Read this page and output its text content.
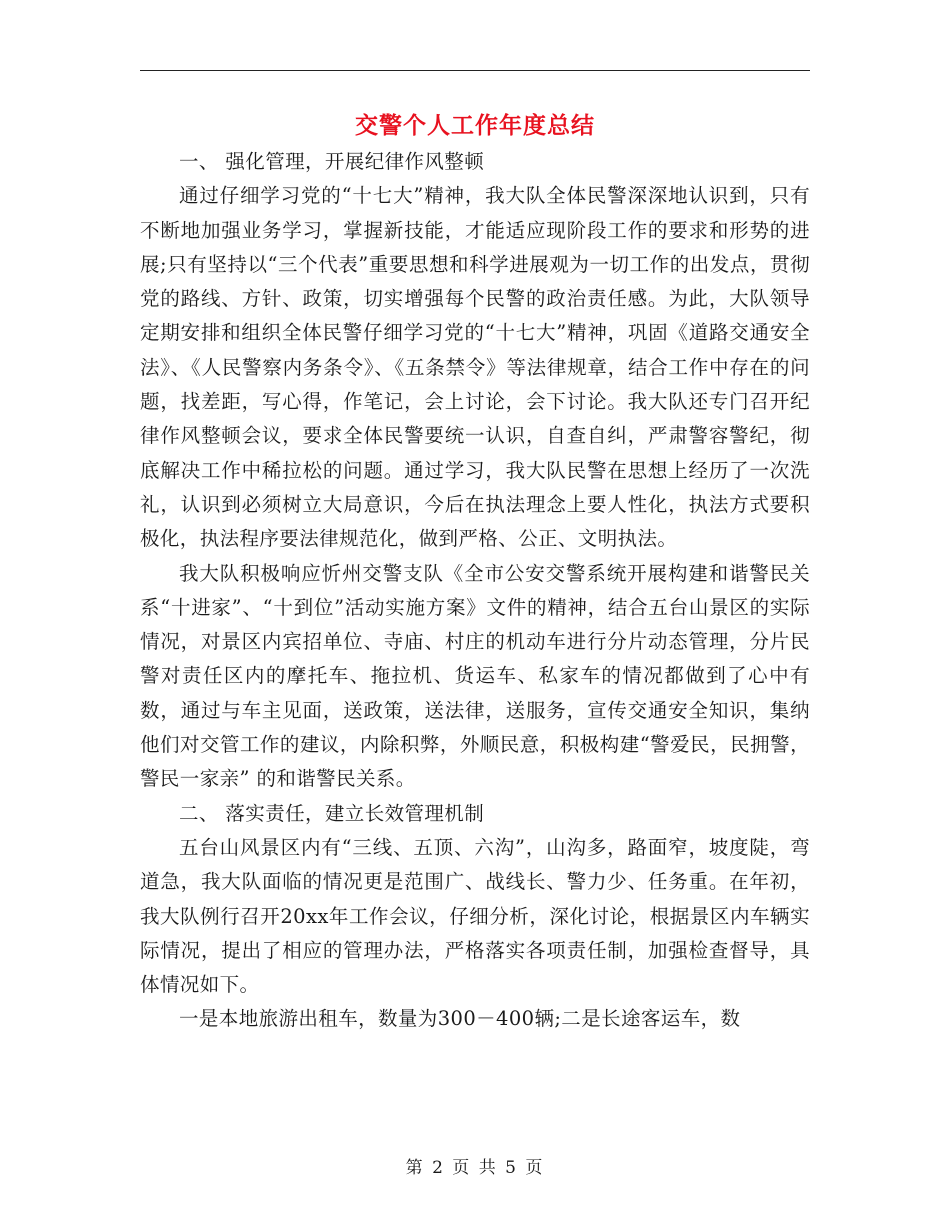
交警个人工作年度总结

一、 强化管理，开展纪律作风整顿

通过仔细学习党的“十七大”精神，我大队全体民警深深地认识到，只有不断地加强业务学习，掌握新技能，才能适应现阶段工作的要求和形势的进展;只有坚持以“三个代表”重要思想和科学进展观为一切工作的出发点，贯彻党的路线、方针、政策，切实增强每个民警的政治责任感。为此，大队领导定期安排和组织全体民警仔细学习党的“十七大”精神，巩固《道路交通安全法》、《人民警察内务条令》、《五条禁令》等法律规章，结合工作中存在的问题，找差距，写心得，作笔记，会上讨论，会下讨论。我大队还专门召开纪律作风整顿会议，要求全体民警要统一认识，自查自纠，严肃警容警纪，彻底解决工作中稀拉松的问题。通过学习，我大队民警在思想上经历了一次洗礼，认识到必须树立大局意识，今后在执法理念上要人性化，执法方式要积极化，执法程序要法律规范化，做到严格、公正、文明执法。

我大队积极响应忻州交警支队《全市公安交警系统开展构建和谐警民关系“十进家”、“十到位”活动实施方案》文件的精神，结合五台山景区的实际情况，对景区内宾招单位、寺庙、村庄的机动车进行分片动态管理，分片民警对责任区内的摩托车、拖拉机、货运车、私家车的情况都做到了心中有数，通过与车主见面，送政策，送法律，送服务，宣传交通安全知识，集纳他们对交管工作的建议，内除积弊，外顺民意，积极构建“警爱民，民拥警，警民一家亲” 的和谐警民关系。

二、 落实责任，建立长效管理机制

五台山风景区内有“三线、五顶、六沟”，山沟多，路面窄，坡度陡，弯道急，我大队面临的情况更是范围广、战线长、警力少、任务重。在年初，我大队例行召开20xx年工作会议，仔细分析，深化讨论，根据景区内车辆实际情况，提出了相应的管理办法，严格落实各项责任制，加强检查督导，具体情况如下。

一是本地旅游出租车，数量为300－400辆;二是长途客运车，数

第 2 页 共 5 页
